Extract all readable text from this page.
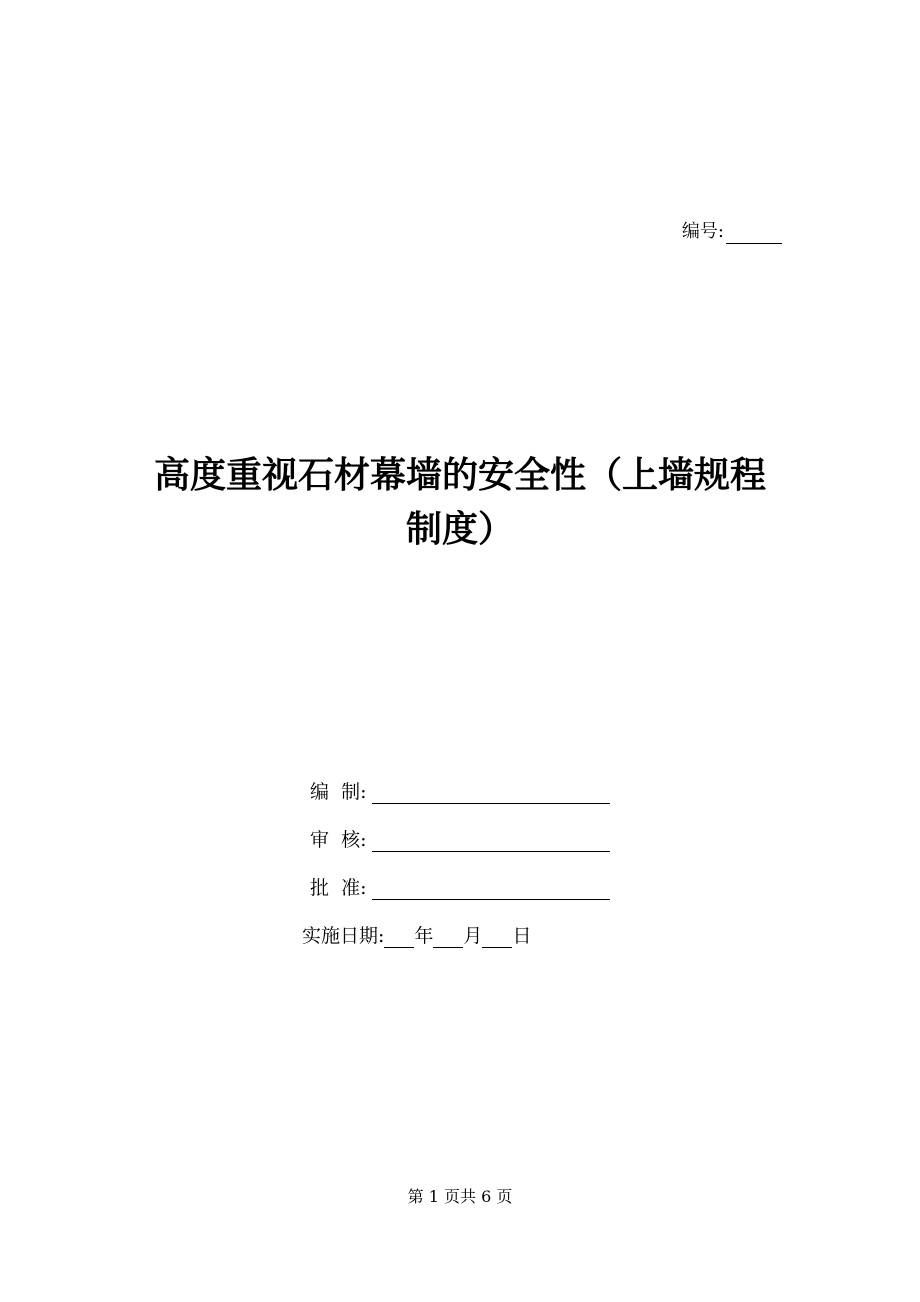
编号:
高度重视石材幕墙的安全性（上墙规程
制度）
编  制:
审  核:
批  准:
实施日期: 年 月 日
第 1 页共 6 页
